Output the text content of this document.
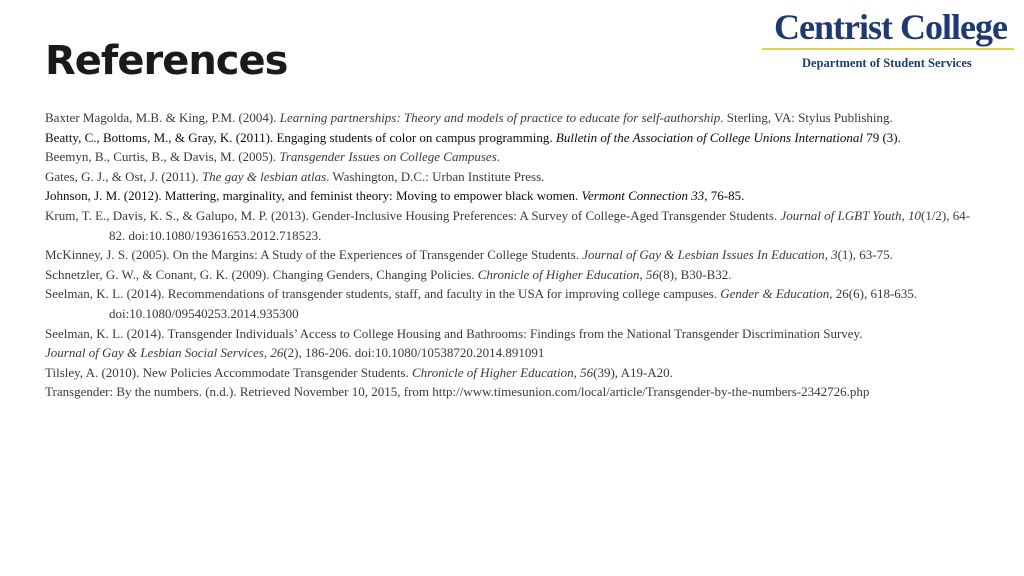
References
Centrist College
Department of Student Services
Baxter Magolda, M.B. & King, P.M. (2004). Learning partnerships: Theory and models of practice to educate for self-authorship. Sterling, VA: Stylus Publishing.
Beatty, C., Bottoms, M., & Gray, K. (2011). Engaging students of color on campus programming. Bulletin of the Association of College Unions International 79 (3).
Beemyn, B., Curtis, B., & Davis, M. (2005). Transgender Issues on College Campuses.
Gates, G. J., & Ost, J. (2011). The gay & lesbian atlas. Washington, D.C.: Urban Institute Press.
Johnson, J. M. (2012). Mattering, marginality, and feminist theory: Moving to empower black women. Vermont Connection 33, 76-85.
Krum, T. E., Davis, K. S., & Galupo, M. P. (2013). Gender-Inclusive Housing Preferences: A Survey of College-Aged Transgender Students. Journal of LGBT Youth, 10(1/2), 64-82. doi:10.1080/19361653.2012.718523.
McKinney, J. S. (2005). On the Margins: A Study of the Experiences of Transgender College Students. Journal of Gay & Lesbian Issues In Education, 3(1), 63-75.
Schnetzler, G. W., & Conant, G. K. (2009). Changing Genders, Changing Policies. Chronicle of Higher Education, 56(8), B30-B32.
Seelman, K. L. (2014). Recommendations of transgender students, staff, and faculty in the USA for improving college campuses. Gender & Education, 26(6), 618-635. doi:10.1080/09540253.2014.935300
Seelman, K. L. (2014). Transgender Individuals’ Access to College Housing and Bathrooms: Findings from the National Transgender Discrimination Survey.
Journal of Gay & Lesbian Social Services, 26(2), 186-206. doi:10.1080/10538720.2014.891091
Tilsley, A. (2010). New Policies Accommodate Transgender Students. Chronicle of Higher Education, 56(39), A19-A20.
Transgender: By the numbers. (n.d.). Retrieved November 10, 2015, from http://www.timesunion.com/local/article/Transgender-by-the-numbers-2342726.php
